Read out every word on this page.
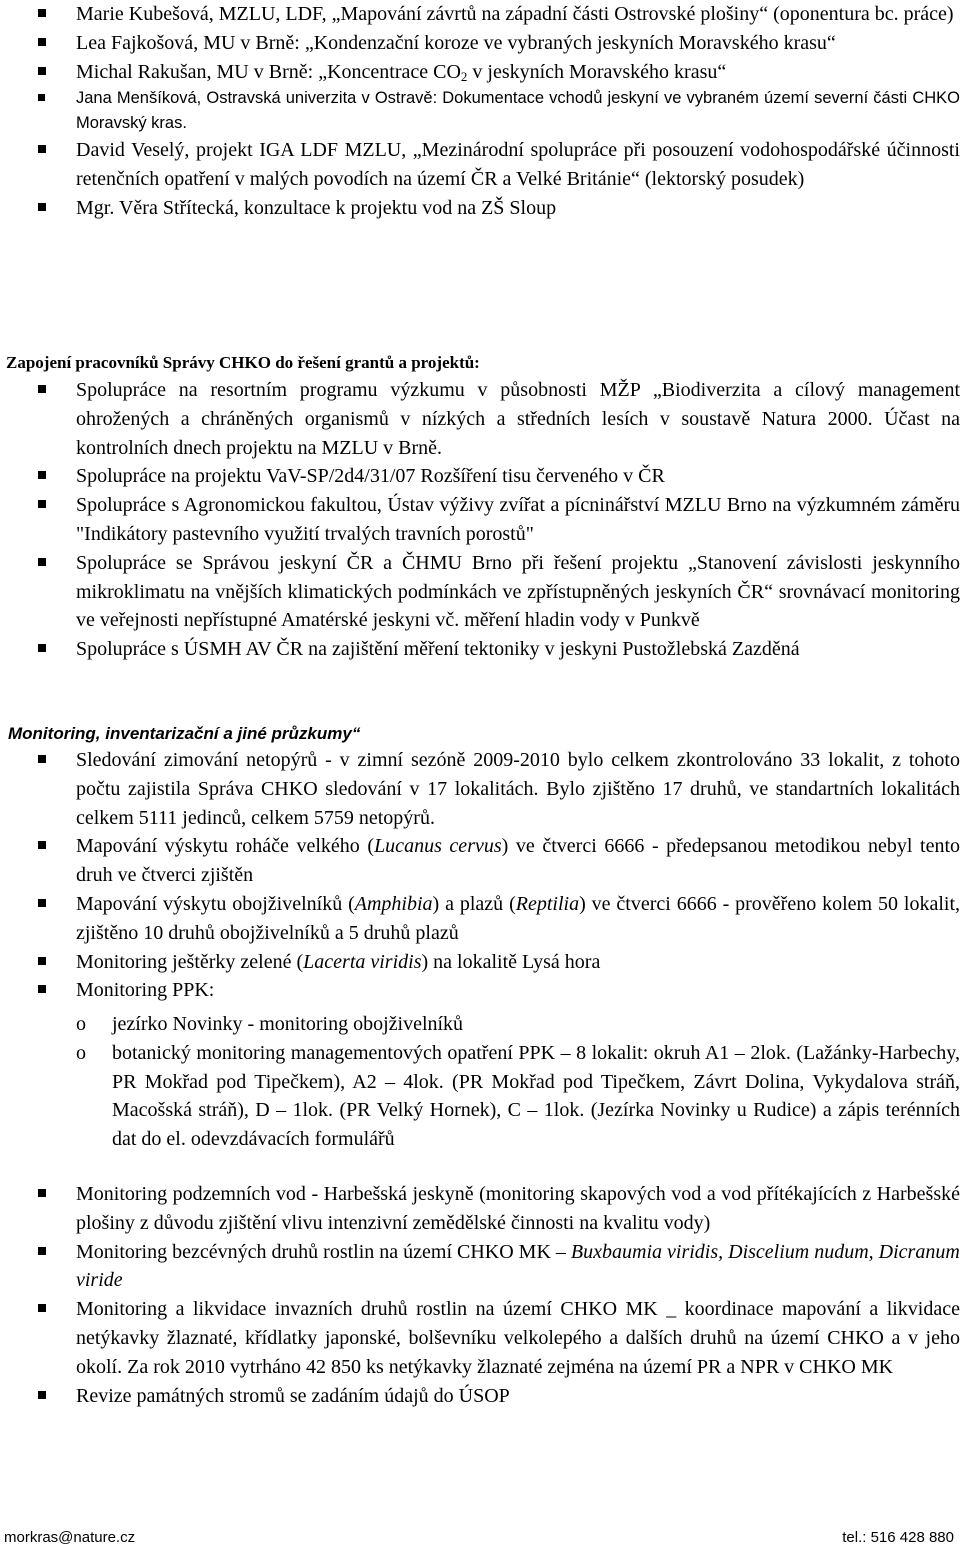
Marie Kubešová, MZLU, LDF, „Mapování závrtů na západní části Ostrovské plošiny“ (oponentura bc. práce)
Lea Fajkošová, MU v Brně: „Kondenzační koroze ve vybraných jeskyních Moravského krasu“
Michal Rakušan, MU v Brně: „Koncentrace $CO_2$ v jeskyních Moravského krasu“
Jana Menšíková, Ostravská univerzita v Ostravě: Dokumentace vchodů jeskyní ve vybraném území severní části CHKO Moravský kras.
David Veselý, projekt IGA LDF MZLU, „Mezinárodní spolupráce při posouzení vodohospodářské účinnosti retenčních opatření v malých povodích na území ČR a Velké Británie“ (lektorský posudek)
Mgr. Věra Střítecká, konzultace k projektu vod na ZŠ Sloup
Zapojení pracovníků Správy CHKO do řešení grantů a projektů:
Spolupráce na resortním programu výzkumu v působnosti MŽP „Biodiverzita a cílový management ohrožených a chráněných organismů v nízkých a středních lesích v soustavě Natura 2000. Účast na kontrolních dnech projektu na MZLU v Brně.
Spolupráce na projektu VaV-SP/2d4/31/07 Rozšíření tisu červeného v ČR
Spolupráce s Agronomickou fakultou, Ústav výživy zvířat a pícninářství MZLU Brno na výzkumném záměru "Indikátory pastevního využití trvalých travních porostů"
Spolupráce se Správou jeskyní ČR a ČHMU Brno při řešení projektu „Stanovení závislosti jeskynního mikroklimatu na vnějších klimatických podmínkách ve zpřístupněných jeskyních ČR“ srovnávací monitoring ve veřejnosti nepřístupné Amatérské jeskyni vč. měření hladin vody v Punkvě
Spolupráce s ÚSMH AV ČR na zajištění měření tektoniky v jeskyni Pustožlebská Zazděná
Monitoring, inventarizační a jiné průzkumy“
Sledování zimování netopýrů - v zimní sezóně 2009-2010 bylo celkem zkontrolováno 33 lokalit, z tohoto počtu zajistila Správa CHKO sledování v 17 lokalitách. Bylo zjištěno 17 druhů, ve standartních lokalitách celkem 5111 jedinců, celkem 5759 netopýrů.
Mapování výskytu roháče velkého (Lucanus cervus) ve čtverci 6666 - předepsanou metodikou nebyl tento druh ve čtverci zjištěn
Mapování výskytu obojživelníků (Amphibia) a plazů (Reptilia) ve čtverci 6666 - prověřeno kolem 50 lokalit, zjištěno 10 druhů obojživelníků a 5 druhů plazů
Monitoring ještěrky zelené (Lacerta viridis) na lokalitě Lysá hora
Monitoring PPK:
o jezírko Novinky - monitoring obojživelníků
o botanický monitoring managementových opatření PPK – 8 lokalit: okruh A1 – 2lok. (Lažánky-Harbechy, PR Mokřad pod Tipečkem), A2 – 4lok. (PR Mokřad pod Tipečkem, Závrt Dolina, Vykydalova stráň, Macošská stráň), D – 1lok. (PR Velký Hornek), C – 1lok. (Jezírka Novinky u Rudice) a zápis terénních dat do el. odevzdávacích formulářů
Monitoring podzemních vod - Harbešská jeskyně (monitoring skapových vod a vod přítékajících z Harbešské plošiny z důvodu zjištění vlivu intenzivní zemědělské činnosti na kvalitu vody)
Monitoring bezcévných druhů rostlin na území CHKO MK – Buxbaumia viridis, Discelium nudum, Dicranum viride
Monitoring a likvidace invazních druhů rostlin na území CHKO MK _ koordinace mapování a likvidace netýkavky žlaznaté, křídlatky japonské, bolševníku velkolepého a dalších druhů na území CHKO a v jeho okolí. Za rok 2010 vytrháno 42 850 ks netýkavky žlaznaté zejména na území PR a NPR v CHKO MK
Revize památných stromů se zadáním údajů do ÚSOP
morkras@nature.cz	tel.: 516 428 880
